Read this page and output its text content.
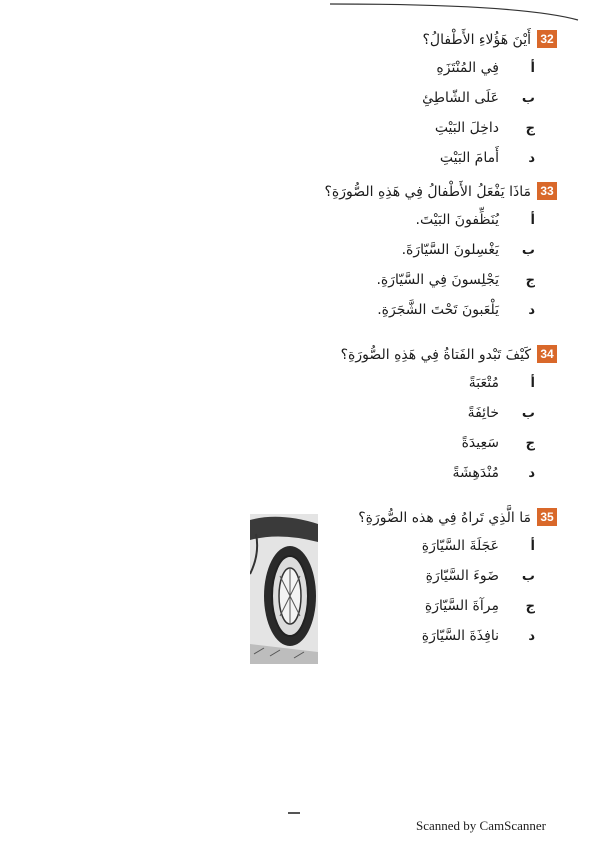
32
أَيْنَ هَؤُلاءِ الأَطْفالُ؟
أ
فِي المُنْتَزَهِ
ب
عَلَى الشّاطِئِ
ج
داخِلَ البَيْتِ
د
أَمامَ البَيْتِ
33
مَاذَا يَفْعَلُ الأَطْفالُ فِي هَذِهِ الصُّورَةِ؟
أ
يُنَظِّفونَ البَيْتَ.
ب
يَغْسِلونَ السَّيّارَةَ.
ج
يَجْلِسونَ فِي السَّيّارَةِ.
د
يَلْعَبونَ تَحْتَ الشَّجَرَةِ.
34
كَيْفَ تَبْدو الفَتاةُ فِي هَذِهِ الصُّورَةِ؟
أ
مُتْعَبَةً
ب
خائِفَةً
ج
سَعِيدَةً
د
مُنْدَهِشَةً
35
مَا الَّذِي تَراهُ فِي هذه الصُّورَةِ؟
أ
عَجَلَةَ السَّيّارَةِ
ب
ضَوءَ السَّيّارَةِ
ج
مِرآةَ السَّيّارَةِ
د
نافِذَةَ السَّيّارَةِ
Scanned by CamScanner
